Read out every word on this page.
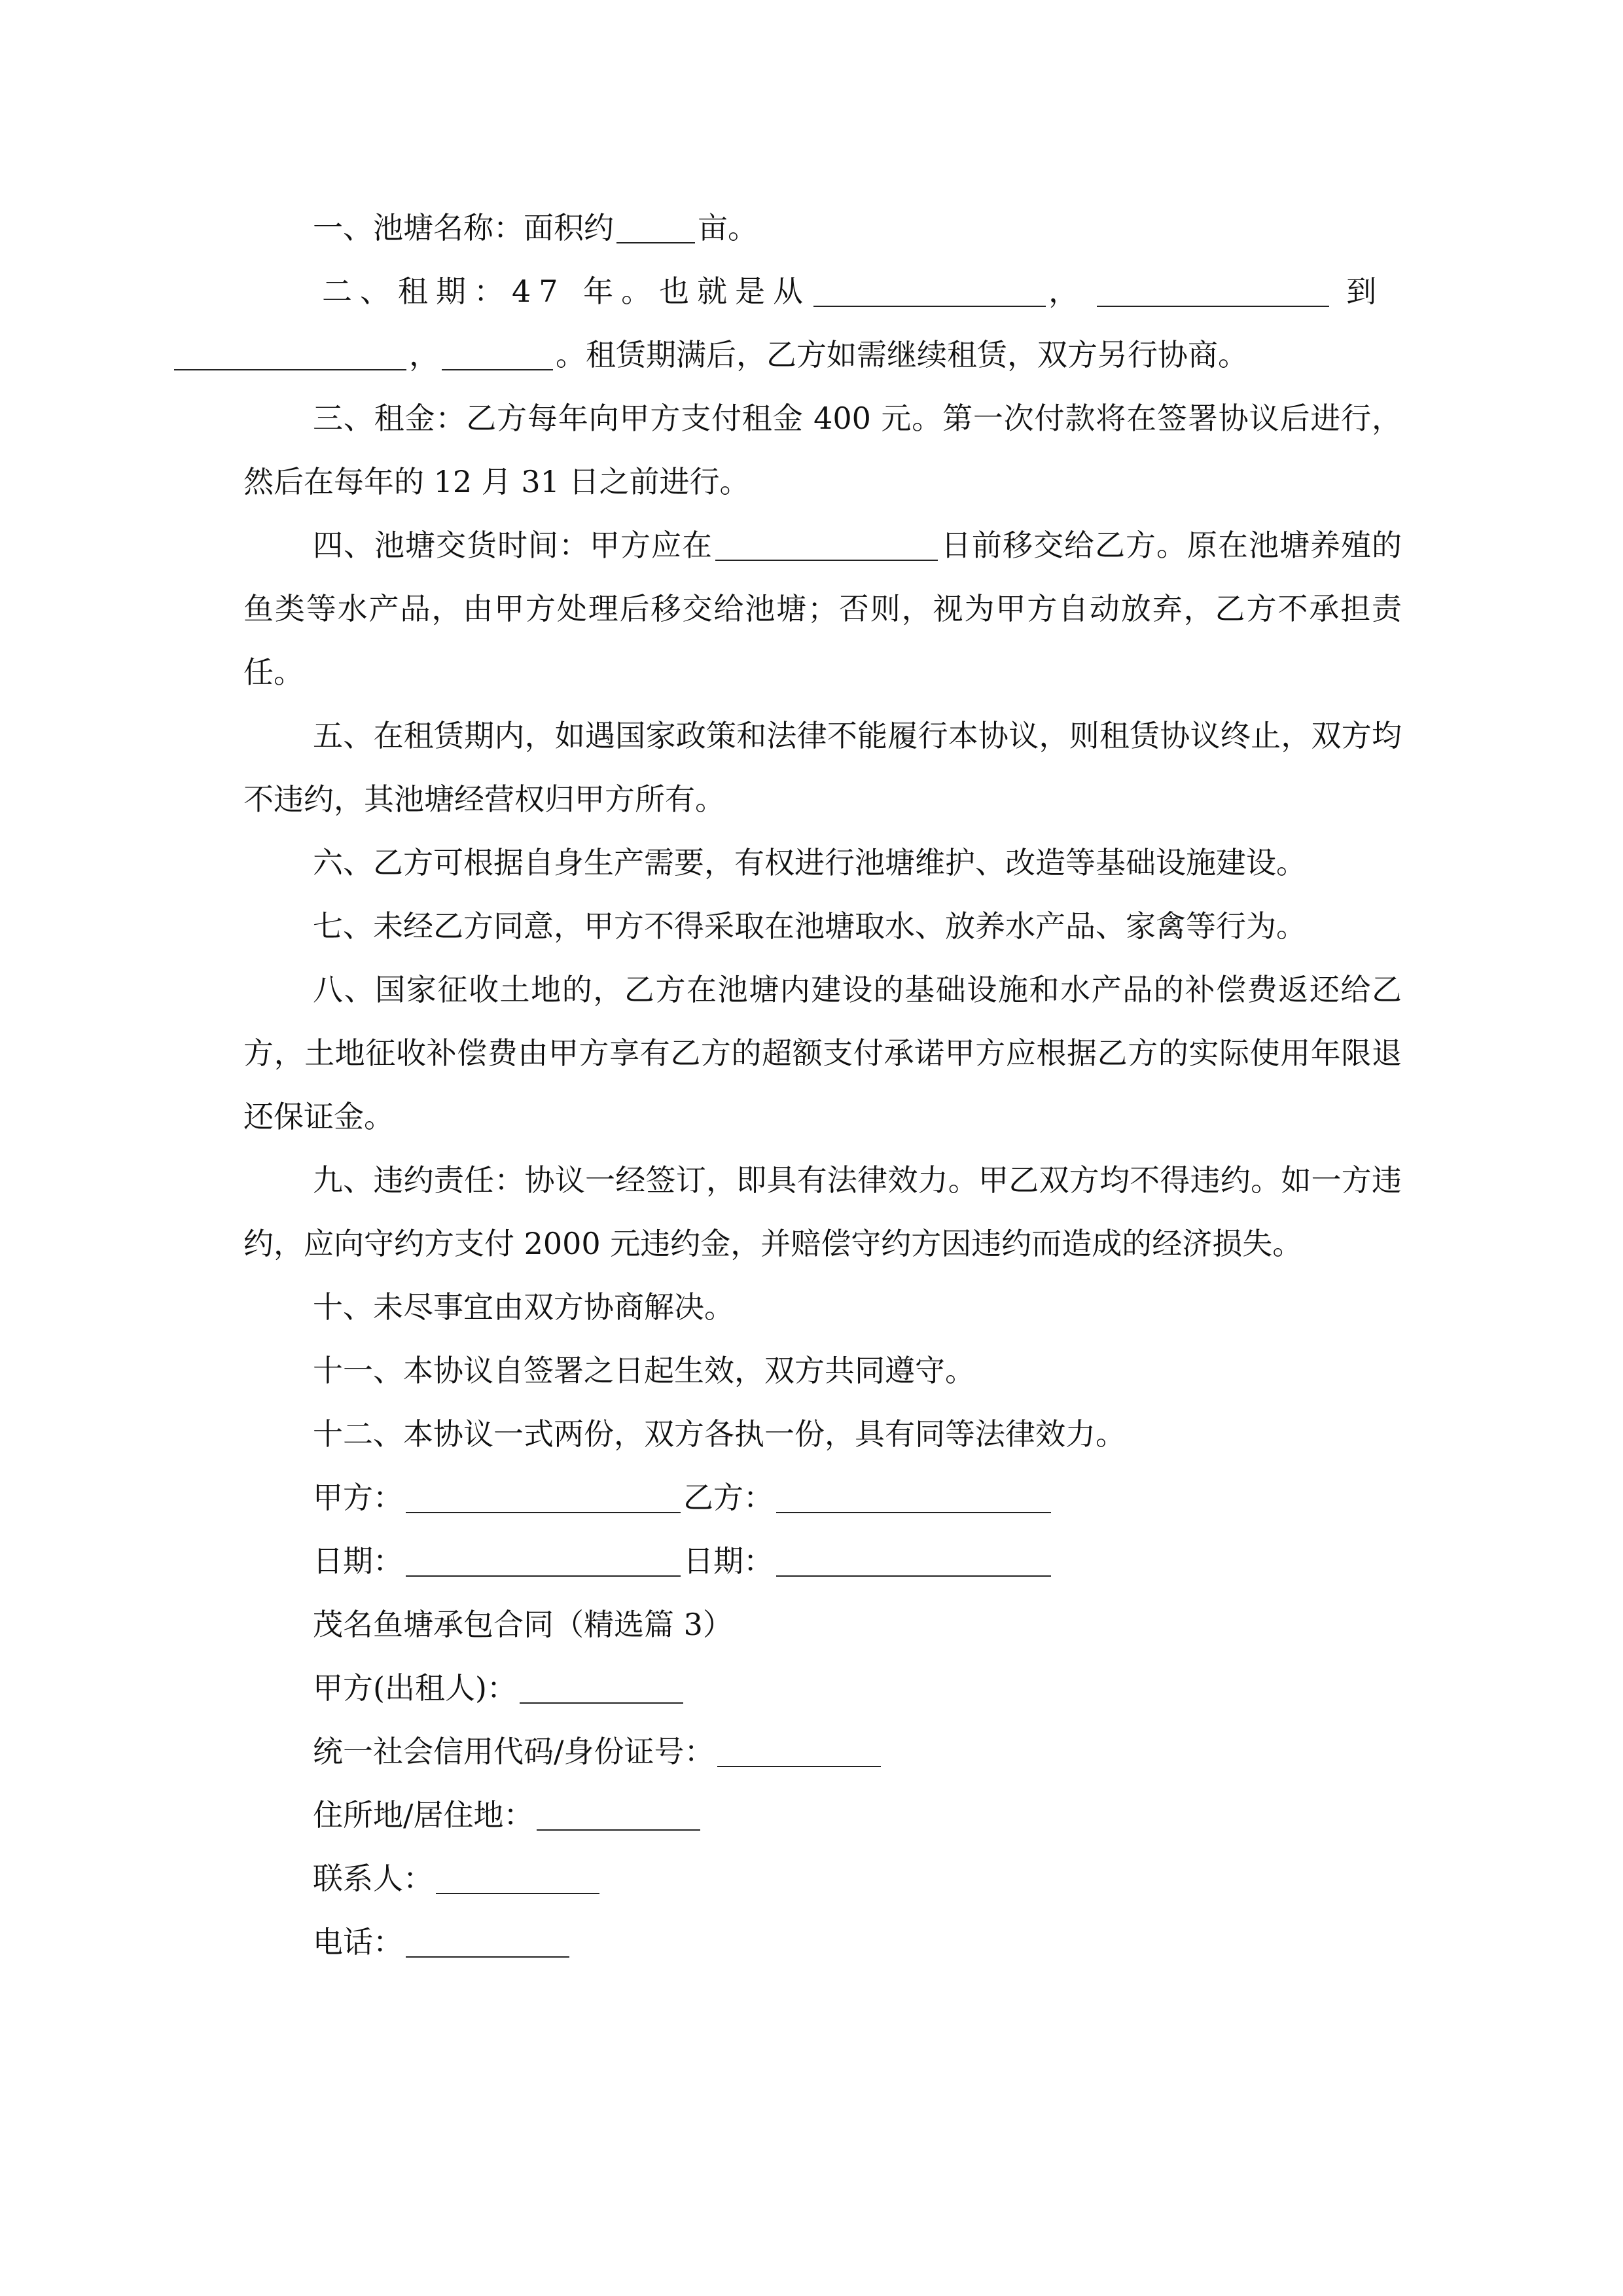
一、池塘名称：面积约	亩。

二、租期：47 年。也就是从	，	到
，	。租赁期满后，乙方如需继续租赁，双方另行协商。

三、租金：乙方每年向甲方支付租金 400 元。第一次付款将在签署协议后进行，然后在每年的 12 月 31 日之前进行。

四、池塘交货时间：甲方应在	日前移交给乙方。原在池塘养殖的鱼类等水产品，由甲方处理后移交给池塘；否则，视为甲方自动放弃，乙方不承担责任。

五、在租赁期内，如遇国家政策和法律不能履行本协议，则租赁协议终止，双方均不违约，其池塘经营权归甲方所有。

六、乙方可根据自身生产需要，有权进行池塘维护、改造等基础设施建设。

七、未经乙方同意，甲方不得采取在池塘取水、放养水产品、家禽等行为。

八、国家征收土地的，乙方在池塘内建设的基础设施和水产品的补偿费返还给乙方，土地征收补偿费由甲方享有乙方的超额支付承诺甲方应根据乙方的实际使用年限退还保证金。

九、违约责任：协议一经签订，即具有法律效力。甲乙双方均不得违约。如一方违约，应向守约方支付 2000 元违约金，并赔偿守约方因违约而造成的经济损失。

十、未尽事宜由双方协商解决。

十一、本协议自签署之日起生效，双方共同遵守。

十二、本协议一式两份，双方各执一份，具有同等法律效力。

甲方：	乙方：

日期：	日期：

茂名鱼塘承包合同（精选篇 3）

甲方(出租人)：

统一社会信用代码/身份证号：

住所地/居住地：

联系人：

电话：
